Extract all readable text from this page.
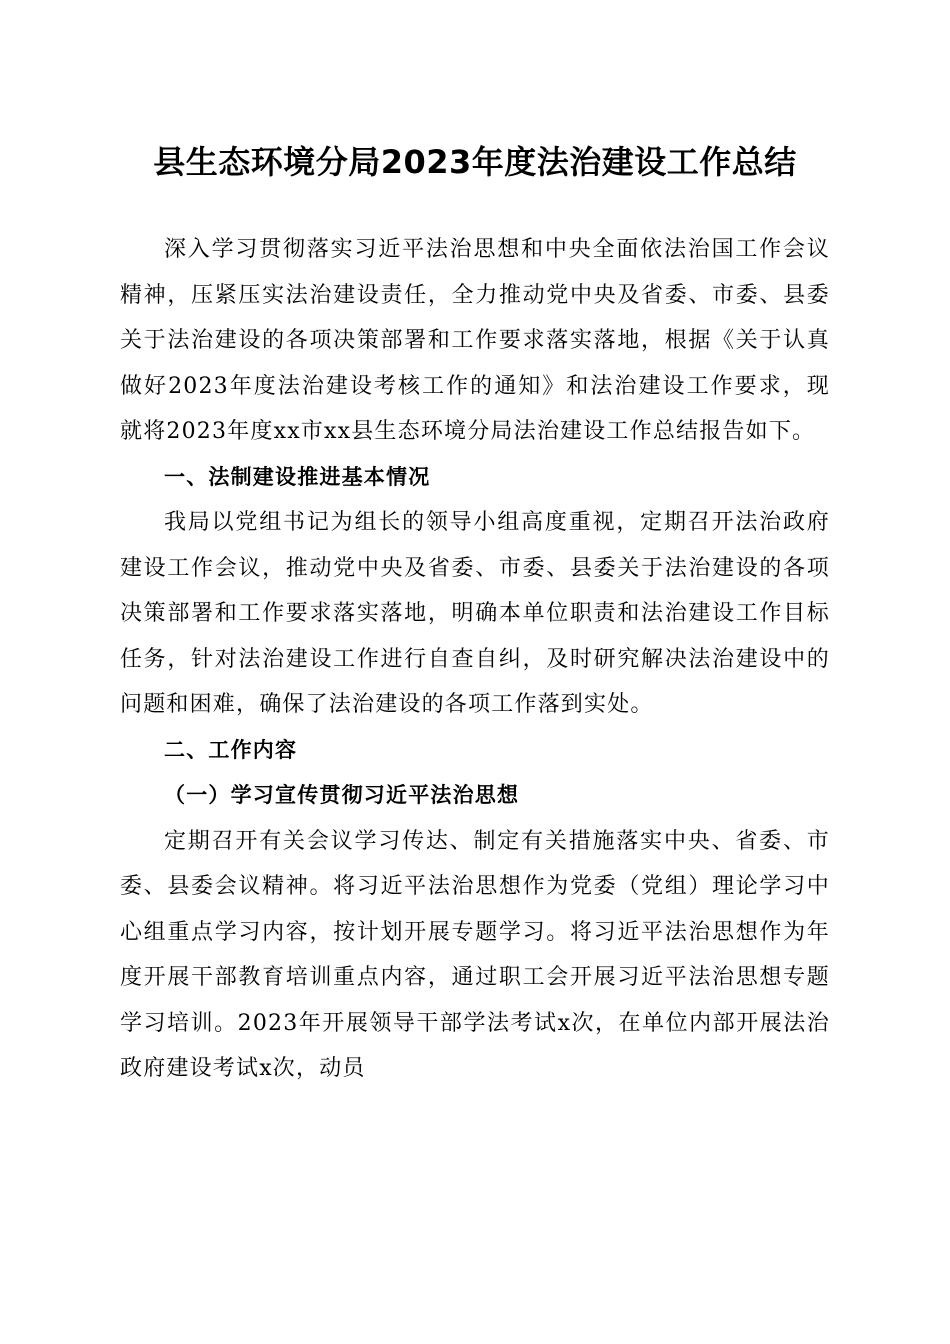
县生态环境分局2023年度法治建设工作总结

深入学习贯彻落实习近平法治思想和中央全面依法治国工作会议精神，压紧压实法治建设责任，全力推动党中央及省委、市委、县委关于法治建设的各项决策部署和工作要求落实落地，根据《关于认真做好2023年度法治建设考核工作的通知》和法治建设工作要求，现就将2023年度xx市xx县生态环境分局法治建设工作总结报告如下。

一、法制建设推进基本情况

我局以党组书记为组长的领导小组高度重视，定期召开法治政府建设工作会议，推动党中央及省委、市委、县委关于法治建设的各项决策部署和工作要求落实落地，明确本单位职责和法治建设工作目标任务，针对法治建设工作进行自查自纠，及时研究解决法治建设中的问题和困难，确保了法治建设的各项工作落到实处。

二、工作内容

（一）学习宣传贯彻习近平法治思想

定期召开有关会议学习传达、制定有关措施落实中央、省委、市委、县委会议精神。将习近平法治思想作为党委（党组）理论学习中心组重点学习内容，按计划开展专题学习。将习近平法治思想作为年度开展干部教育培训重点内容，通过职工会开展习近平法治思想专题学习培训。2023年开展领导干部学法考试x次，在单位内部开展法治政府建设考试x次，动员
